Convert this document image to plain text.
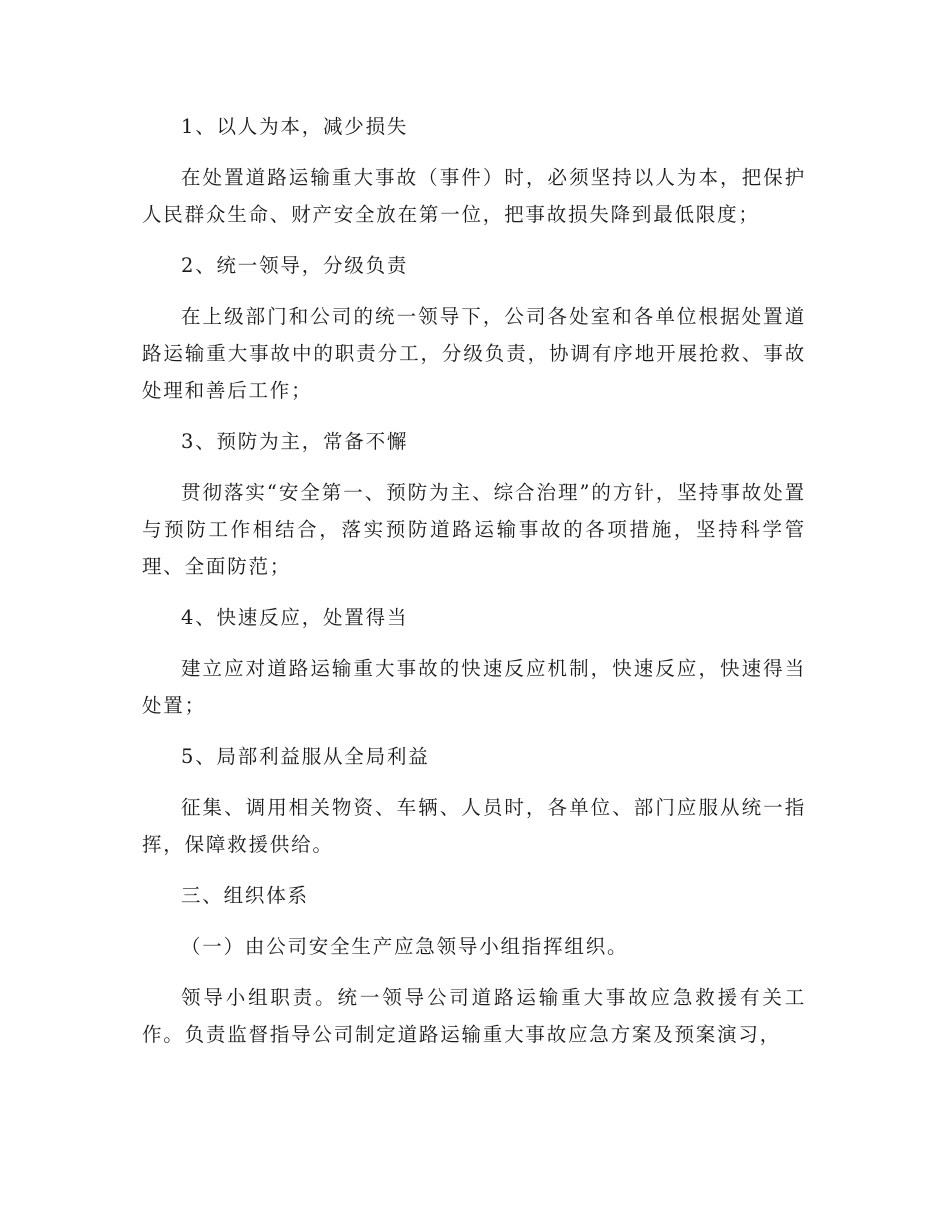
1、以人为本，减少损失

在处置道路运输重大事故（事件）时，必须坚持以人为本，把保护人民群众生命、财产安全放在第一位，把事故损失降到最低限度；

2、统一领导，分级负责

在上级部门和公司的统一领导下，公司各处室和各单位根据处置道路运输重大事故中的职责分工，分级负责，协调有序地开展抢救、事故处理和善后工作；

3、预防为主，常备不懈

贯彻落实“安全第一、预防为主、综合治理”的方针，坚持事故处置与预防工作相结合，落实预防道路运输事故的各项措施，坚持科学管理、全面防范；

4、快速反应，处置得当

建立应对道路运输重大事故的快速反应机制，快速反应，快速得当处置；

5、局部利益服从全局利益

征集、调用相关物资、车辆、人员时，各单位、部门应服从统一指挥，保障救援供给。

三、组织体系

（一）由公司安全生产应急领导小组指挥组织。

领导小组职责。统一领导公司道路运输重大事故应急救援有关工作。负责监督指导公司制定道路运输重大事故应急方案及预案演习，
